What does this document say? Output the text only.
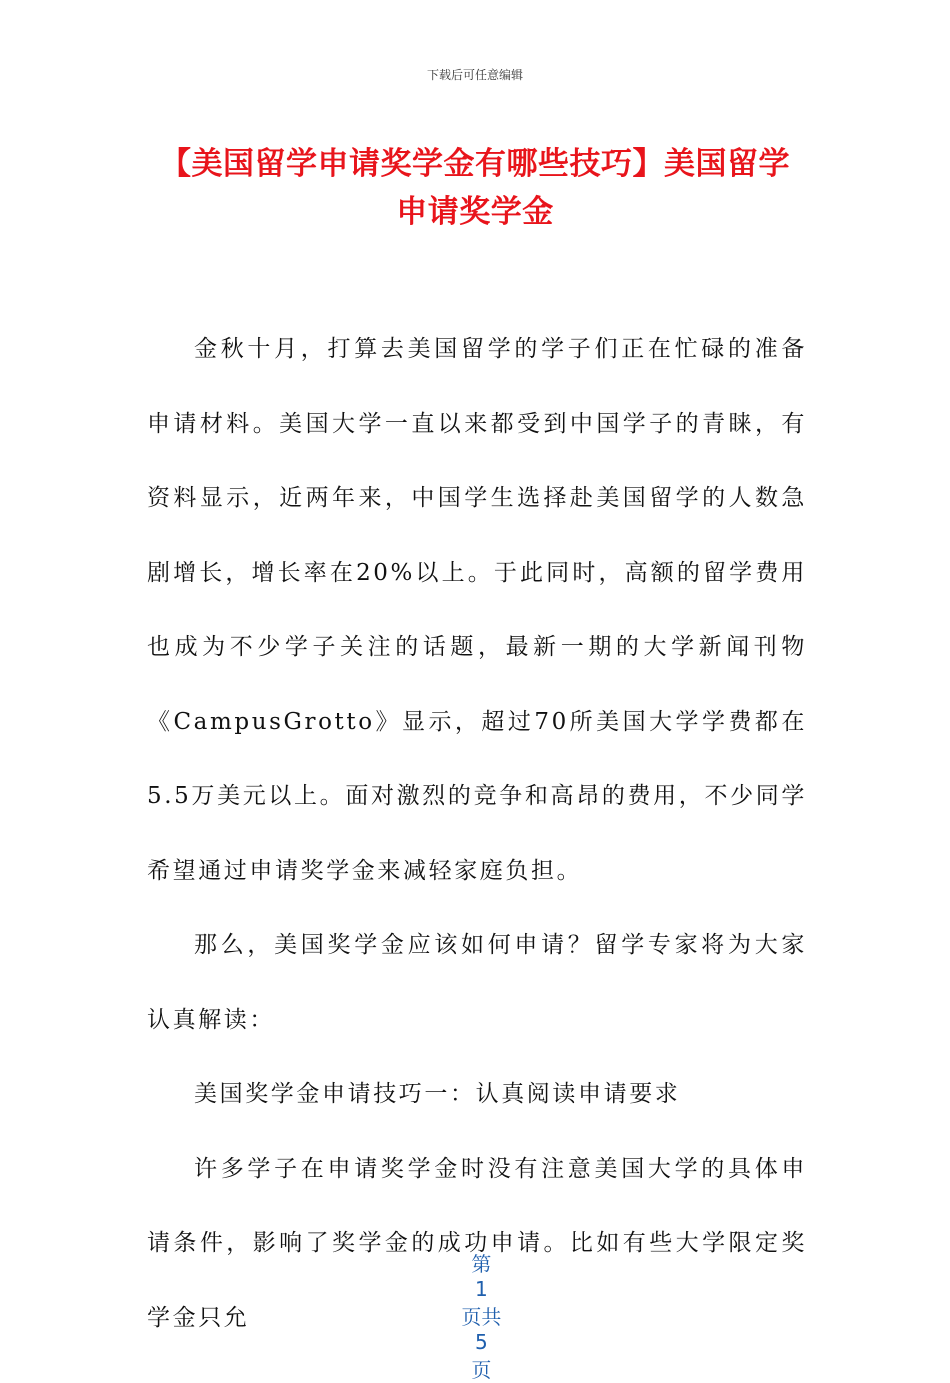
下载后可任意编辑
【美国留学申请奖学金有哪些技巧】美国留学申请奖学金

金秋十月，打算去美国留学的学子们正在忙碌的准备申请材料。美国大学一直以来都受到中国学子的青睐，有资料显示，近两年来，中国学生选择赴美国留学的人数急剧增长，增长率在20%以上。于此同时，高额的留学费用也成为不少学子关注的话题，最新一期的大学新闻刊物《CampusGrotto》显示，超过70所美国大学学费都在5.5万美元以上。面对激烈的竞争和高昂的费用，不少同学希望通过申请奖学金来减轻家庭负担。

那么，美国奖学金应该如何申请？留学专家将为大家认真解读：

美国奖学金申请技巧一：认真阅读申请要求

许多学子在申请奖学金时没有注意美国大学的具体申请条件，影响了奖学金的成功申请。比如有些大学限定奖学金只允

第
1
页共
5
页
